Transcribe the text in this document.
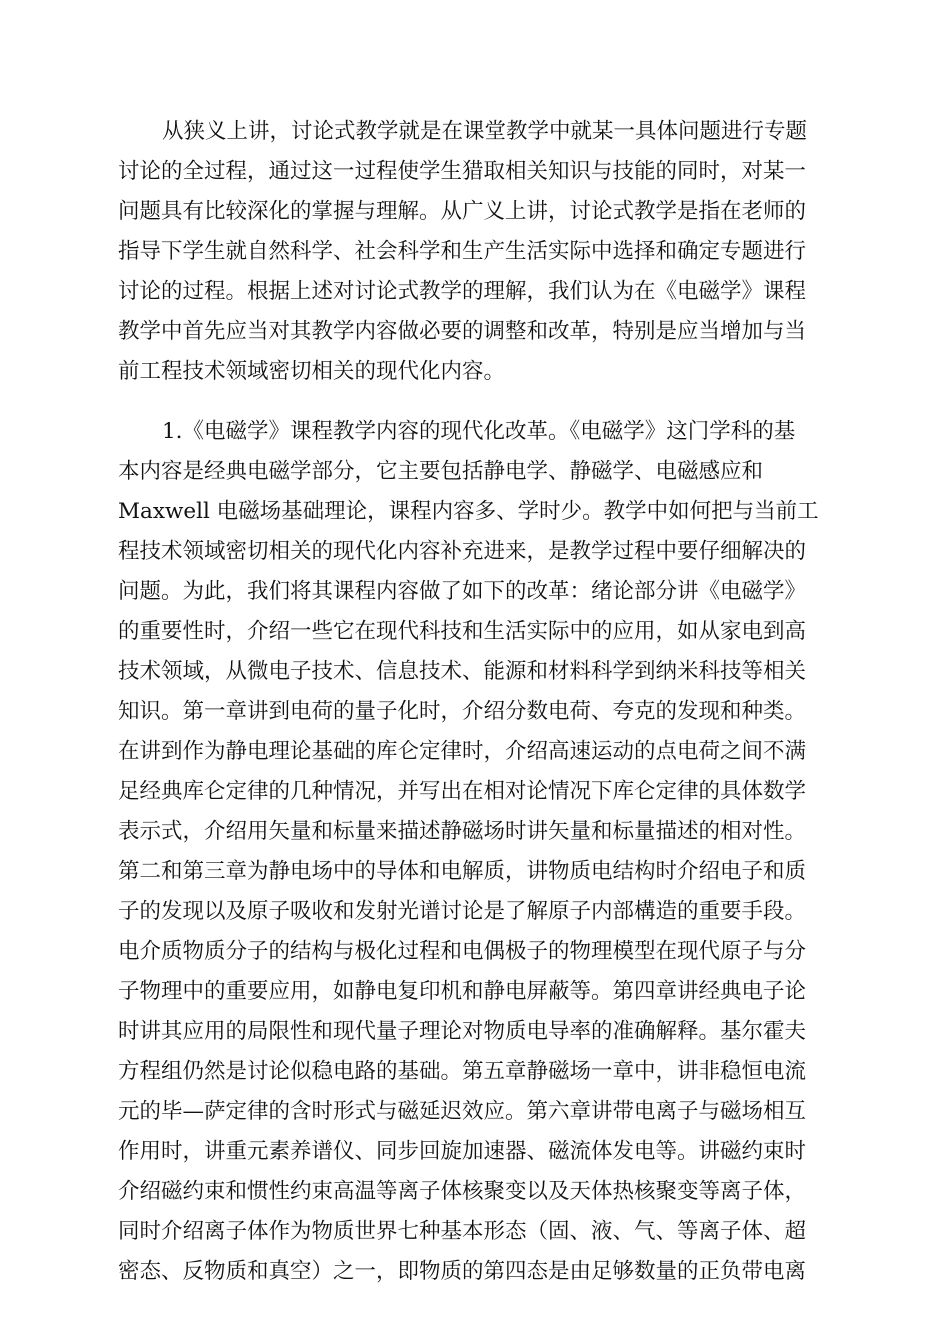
从狭义上讲，讨论式教学就是在课堂教学中就某一具体问题进行专题
讨论的全过程，通过这一过程使学生猎取相关知识与技能的同时，对某一
问题具有比较深化的掌握与理解。从广义上讲，讨论式教学是指在老师的
指导下学生就自然科学、社会科学和生产生活实际中选择和确定专题进行
讨论的过程。根据上述对讨论式教学的理解，我们认为在《电磁学》课程
教学中首先应当对其教学内容做必要的调整和改革，特别是应当增加与当
前工程技术领域密切相关的现代化内容。
1.《电磁学》课程教学内容的现代化改革。《电磁学》这门学科的基
本内容是经典电磁学部分，它主要包括静电学、静磁学、电磁感应和
Maxwell 电磁场基础理论，课程内容多、学时少。教学中如何把与当前工
程技术领域密切相关的现代化内容补充进来，是教学过程中要仔细解决的
问题。为此，我们将其课程内容做了如下的改革：绪论部分讲《电磁学》
的重要性时，介绍一些它在现代科技和生活实际中的应用，如从家电到高
技术领域，从微电子技术、信息技术、能源和材料科学到纳米科技等相关
知识。第一章讲到电荷的量子化时，介绍分数电荷、夸克的发现和种类。
在讲到作为静电理论基础的库仑定律时，介绍高速运动的点电荷之间不满
足经典库仑定律的几种情况，并写出在相对论情况下库仑定律的具体数学
表示式，介绍用矢量和标量来描述静磁场时讲矢量和标量描述的相对性。
第二和第三章为静电场中的导体和电解质，讲物质电结构时介绍电子和质
子的发现以及原子吸收和发射光谱讨论是了解原子内部構造的重要手段。
电介质物质分子的结构与极化过程和电偶极子的物理模型在现代原子与分
子物理中的重要应用，如静电复印机和静电屏蔽等。第四章讲经典电子论
时讲其应用的局限性和现代量子理论对物质电导率的准确解释。基尔霍夫
方程组仍然是讨论似稳电路的基础。第五章静磁场一章中，讲非稳恒电流
元的毕—萨定律的含时形式与磁延迟效应。第六章讲带电离子与磁场相互
作用时，讲重元素养谱仪、同步回旋加速器、磁流体发电等。讲磁约束时
介绍磁约束和惯性约束高温等离子体核聚变以及天体热核聚变等离子体，
同时介绍离子体作为物质世界七种基本形态（固、液、气、等离子体、超
密态、反物质和真空）之一，即物质的第四态是由足够数量的正负带电离
